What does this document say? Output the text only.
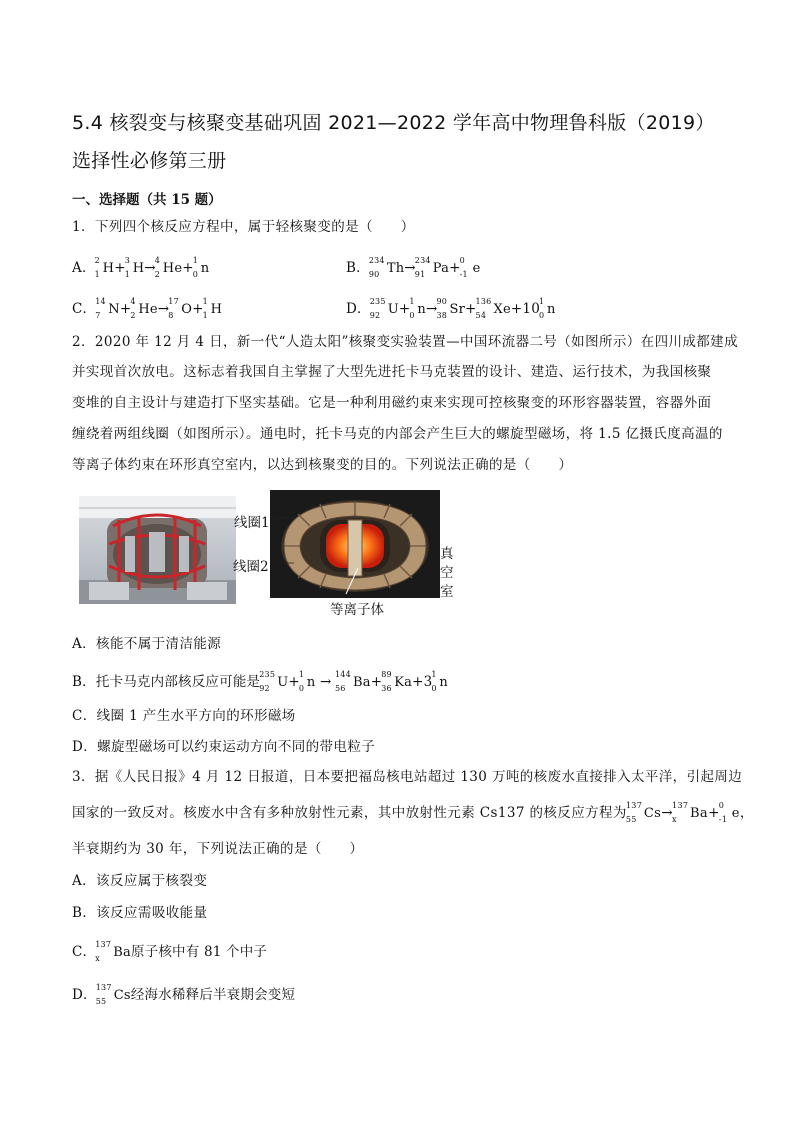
5.4 核裂变与核聚变基础巩固 2021—2022 学年高中物理鲁科版（2019）
选择性必修第三册
一、选择题（共 15 题）
1．下列四个核反应方程中，属于轻核聚变的是（　　）
A． 2
1 H+ 3
1 H→ 4
2 He+ 1
0 n	B． 234
90 Th→ 234
91 Pa+ 0
-1 e
C． 14
7 N+ 4
2 He→ 17
8 O+ 1
1 H	D． 235
92 U+ 1
0 n→ 90
38 Sr+ 136
54 Xe+10 1
0 n
2．2020 年 12 月 4 日，新一代“人造太阳”核聚变实验装置—中国环流器二号（如图所示）在四川成都建成
并实现首次放电。这标志着我国自主掌握了大型先进托卡马克装置的设计、建造、运行技术，为我国核聚
变堆的自主设计与建造打下坚实基础。它是一种利用磁约束来实现可控核聚变的环形容器装置，容器外面
缠绕着两组线圈（如图所示）。通电时，托卡马克的内部会产生巨大的螺旋型磁场，将 1.5 亿摄氏度高温的
等离子体约束在环形真空室内，以达到核聚变的目的。下列说法正确的是（　　）
线圈1
线圈2
真
空
室
等离子体
A．核能不属于清洁能源
B．托卡马克内部核反应可能是 235
92 U+ 1
0 n → 144
56 Ba+ 89
36 Ka+3 1
0 n
C．线圈 1 产生水平方向的环形磁场
D．螺旋型磁场可以约束运动方向不同的带电粒子
3．据《人民日报》4 月 12 日报道，日本要把福岛核电站超过 130 万吨的核废水直接排入太平洋，引起周边
国家的一致反对。核废水中含有多种放射性元素，其中放射性元素 Cs137 的核反应方程为 137
55 Cs→ 137
x Ba+ 0
-1 e，
半衰期约为 30 年，下列说法正确的是（　　）
A．该反应属于核裂变
B．该反应需吸收能量
C． 137
x Ba原子核中有 81 个中子
D． 137
55 Cs经海水稀释后半衰期会变短
